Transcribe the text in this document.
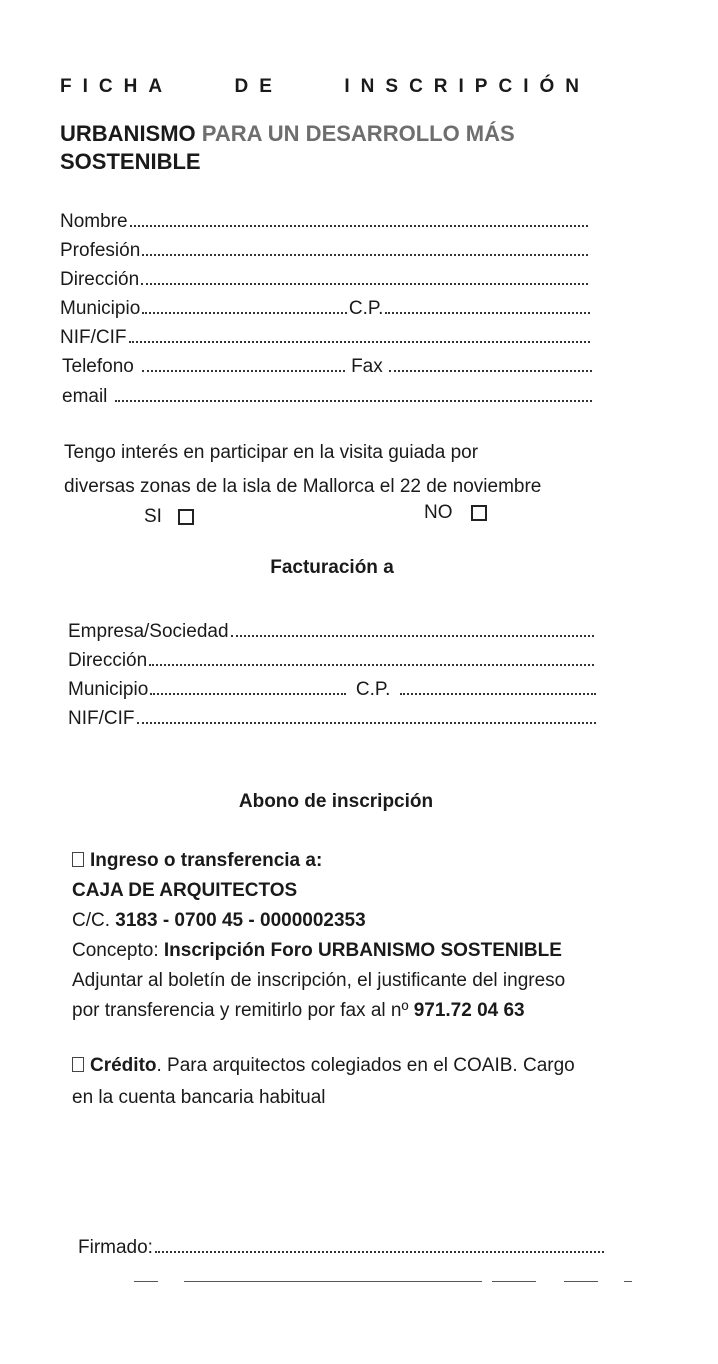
FICHA	DE	INSCRIPCIÓN
URBANISMO PARA UN DESARROLLO MÁS
SOSTENIBLE
Nombre
Profesión
Dirección
Municipio	C.P.
NIF/CIF
Telefono	Fax
email
Tengo interés en participar en la visita guiada por
diversas zonas de la isla de Mallorca el 22 de noviembre
SI	NO
Facturación a
Empresa/Sociedad
Dirección
Municipio	C.P.
NIF/CIF
Abono de inscripción
Ingreso o transferencia a:
CAJA DE ARQUITECTOS
C/C. 3183 - 0700 45 - 0000002353
Concepto: Inscripción Foro URBANISMO SOSTENIBLE
Adjuntar al boletín de inscripción, el justificante del ingreso
por transferencia y remitirlo por fax al nº 971.72 04 63
Crédito. Para arquitectos colegiados en el COAIB. Cargo
en la cuenta bancaria habitual
Firmado:
